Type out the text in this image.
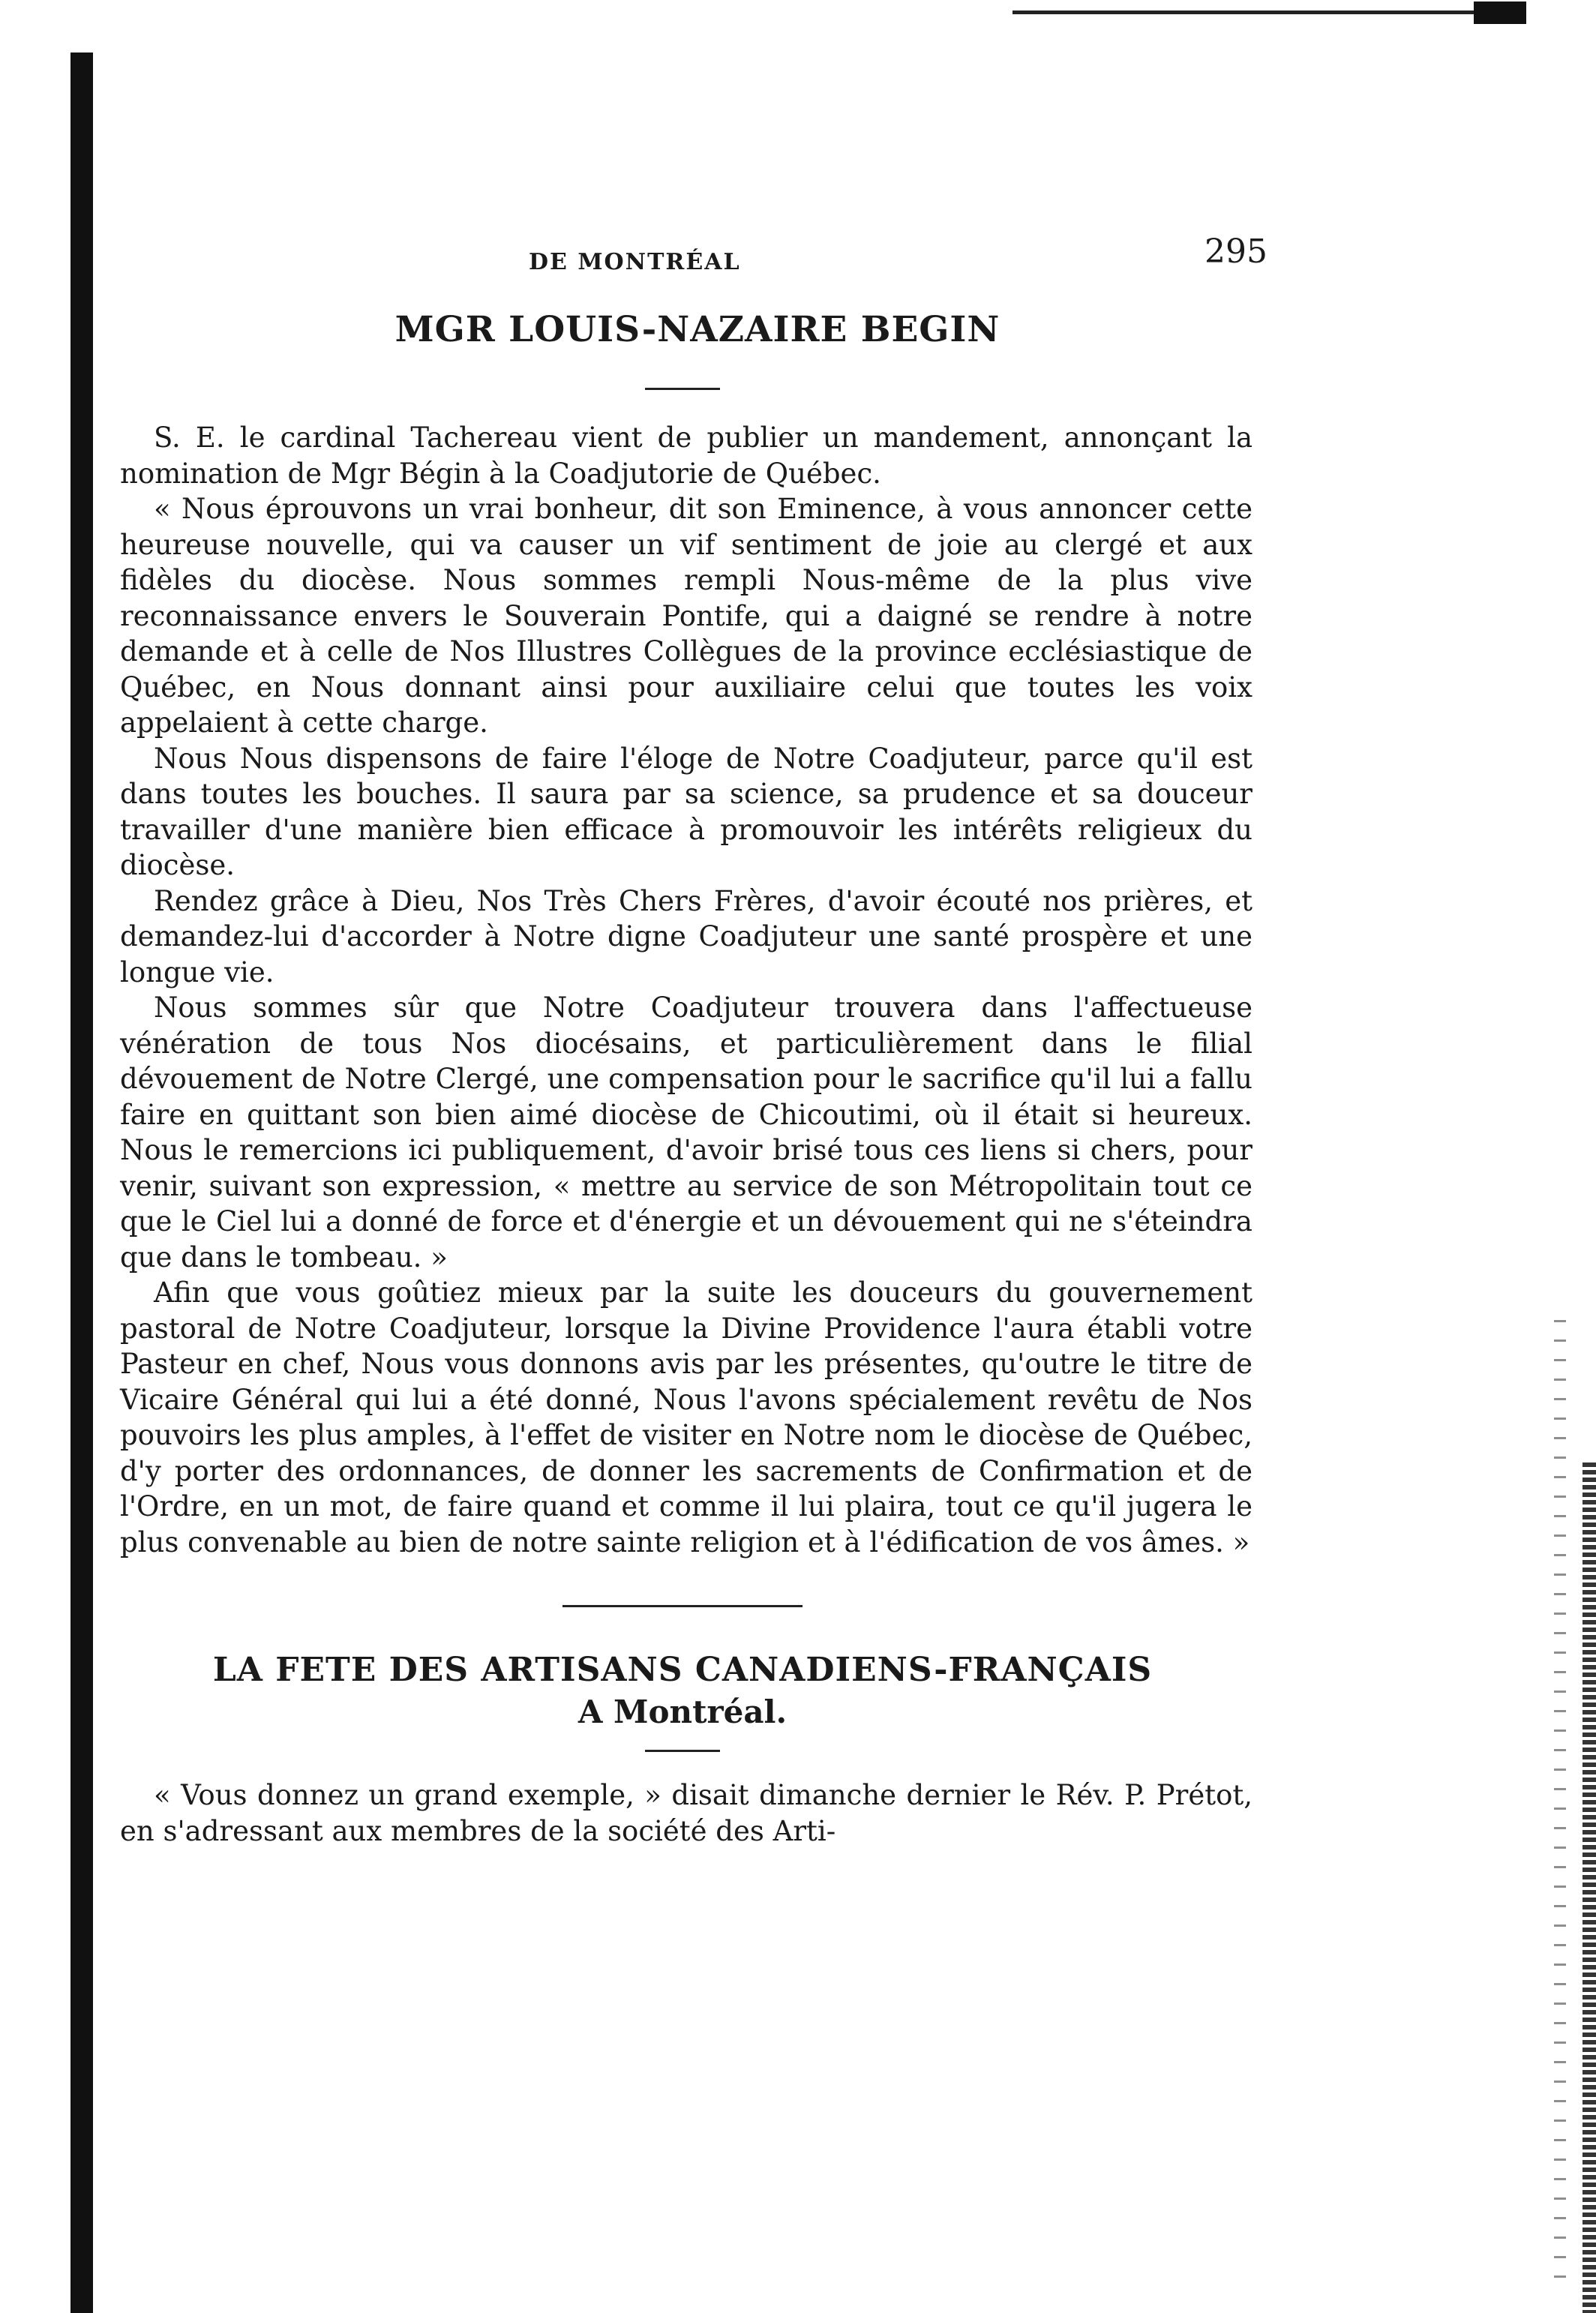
DE MONTRÉAL	295
MGR LOUIS-NAZAIRE BEGIN

S. E. le cardinal Tachereau vient de publier un mandement, annonçant la nomination de Mgr Bégin à la Coadjutorie de Québec.

« Nous éprouvons un vrai bonheur, dit son Eminence, à vous annoncer cette heureuse nouvelle, qui va causer un vif sentiment de joie au clergé et aux fidèles du diocèse. Nous sommes rempli Nous-même de la plus vive reconnaissance envers le Souverain Pontife, qui a daigné se rendre à notre demande et à celle de Nos Illustres Collègues de la province ecclésiastique de Québec, en Nous donnant ainsi pour auxiliaire celui que toutes les voix appelaient à cette charge.

Nous Nous dispensons de faire l'éloge de Notre Coadjuteur, parce qu'il est dans toutes les bouches. Il saura par sa science, sa prudence et sa douceur travailler d'une manière bien efficace à promouvoir les intérêts religieux du diocèse.

Rendez grâce à Dieu, Nos Très Chers Frères, d'avoir écouté nos prières, et demandez-lui d'accorder à Notre digne Coadjuteur une santé prospère et une longue vie.

Nous sommes sûr que Notre Coadjuteur trouvera dans l'affectueuse vénération de tous Nos diocésains, et particulièrement dans le filial dévouement de Notre Clergé, une compensation pour le sacrifice qu'il lui a fallu faire en quittant son bien aimé diocèse de Chicoutimi, où il était si heureux. Nous le remercions ici publiquement, d'avoir brisé tous ces liens si chers, pour venir, suivant son expression, « mettre au service de son Métropolitain tout ce que le Ciel lui a donné de force et d'énergie et un dévouement qui ne s'éteindra que dans le tombeau. »

Afin que vous goûtiez mieux par la suite les douceurs du gouvernement pastoral de Notre Coadjuteur, lorsque la Divine Providence l'aura établi votre Pasteur en chef, Nous vous donnons avis par les présentes, qu'outre le titre de Vicaire Général qui lui a été donné, Nous l'avons spécialement revêtu de Nos pouvoirs les plus amples, à l'effet de visiter en Notre nom le diocèse de Québec, d'y porter des ordonnances, de donner les sacrements de Confirmation et de l'Ordre, en un mot, de faire quand et comme il lui plaira, tout ce qu'il jugera le plus convenable au bien de notre sainte religion et à l'édification de vos âmes. »

LA FETE DES ARTISANS CANADIENS-FRANÇAIS
A Montréal.

« Vous donnez un grand exemple, » disait dimanche dernier le Rév. P. Prétot, en s'adressant aux membres de la société des Arti-
